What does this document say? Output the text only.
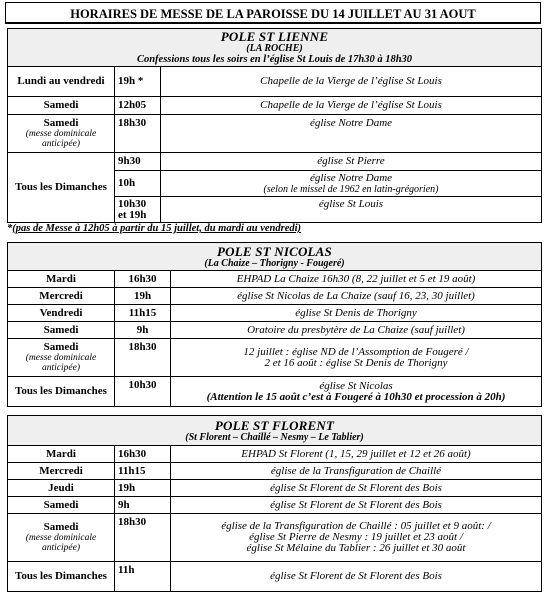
HORAIRES DE MESSE DE LA PAROISSE DU 14 JUILLET AU 31 AOUT
POLE ST LIENNE
(LA ROCHE)
Confessions tous les soirs en l’église St Louis de 17h30 à 18h30		

Lundi au vendredi	19h *	Chapelle de la Vierge de l’église St Louis
Samedi	12h05	Chapelle de la Vierge de l’église St Louis
Samedi
(messe dominicale anticipée)	18h30	église Notre Dame
Tous les Dimanches	9h30	église St Pierre
	10h	église Notre Dame
(selon le missel de 1962 en latin-grégorien)

	10h30 et 19h	église St Louis
*(pas de Messe à 12h05 à partir du 15 juillet, du mardi au vendredi)
POLE ST NICOLAS
(La Chaize – Thorigny - Fougeré)		

Mardi	16h30	EHPAD La Chaize 16h30 (8, 22 juillet et 5 et 19 août)
Mercredi	19h	église St Nicolas de La Chaize (sauf 16, 23, 30 juillet)
Vendredi	11h15	église St Denis de Thorigny
Samedi	9h	Oratoire du presbytère de La Chaize (sauf juillet)
Samedi
(messe dominicale anticipée)	18h30	12 juillet : église ND de l’Assomption de Fougeré /
2 et 16 août : église St Denis de Thorigny

Tous les Dimanches	10h30	église St Nicolas
(Attention le 15 août c’est à Fougeré à 10h30 et procession à 20h)
POLE ST FLORENT
(St Florent – Chaillé – Nesmy – Le Tablier)		

Mardi	16h30	EHPAD St Florent (1, 15, 29 juillet et 12 et 26 août)
Mercredi	11h15	église de la Transfiguration de Chaillé
Jeudi	19h	église St Florent de St Florent des Bois
Samedi	9h	église St Florent de St Florent des Bois
Samedi
(messe dominicale anticipée)	18h30	église de la Transfiguration de Chaillé : 05 juillet et 9 août: /
église St Pierre de Nesmy : 19 juillet et 23 août /
église St Mélaine du Tablier : 26 juillet et 30 août

Tous les Dimanches	11h	église St Florent de St Florent des Bois
